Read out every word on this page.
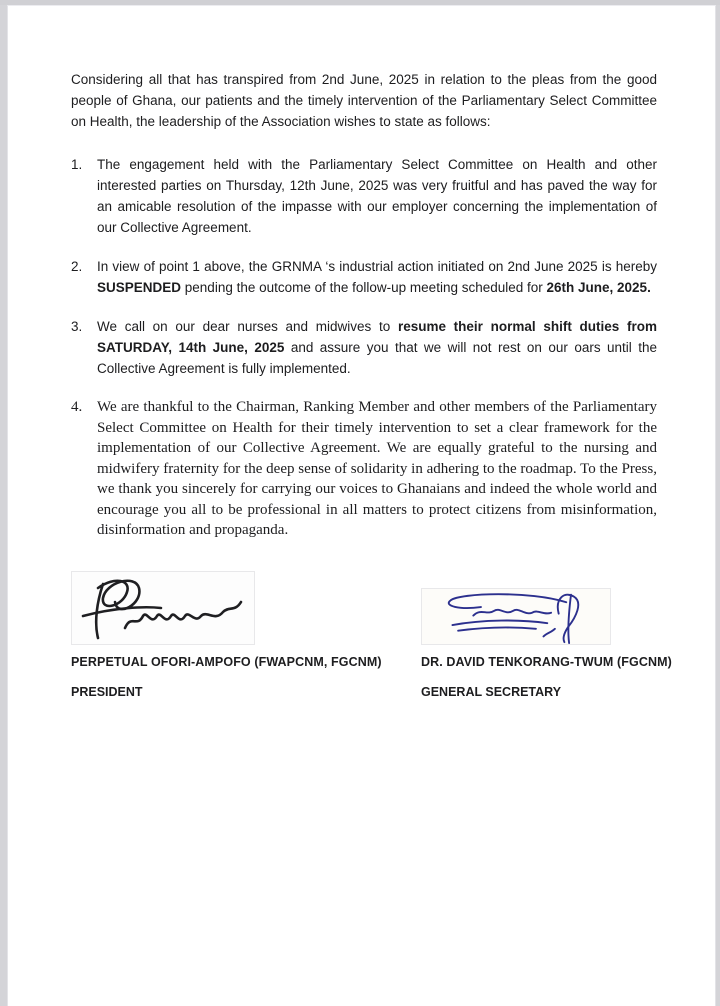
Considering all that has transpired from 2nd June, 2025 in relation to the pleas from the good people of Ghana, our patients and the timely intervention of the Parliamentary Select Committee on Health, the leadership of the Association wishes to state as follows:

1.	The engagement held with the Parliamentary Select Committee on Health and other interested parties on Thursday, 12th June, 2025 was very fruitful and has paved the way for an amicable resolution of the impasse with our employer concerning the implementation of our Collective Agreement.

2.	In view of point 1 above, the GRNMA ‘s industrial action initiated on 2nd June 2025 is hereby SUSPENDED pending the outcome of the follow-up meeting scheduled for 26th June, 2025.

3.	We call on our dear nurses and midwives to resume their normal shift duties from SATURDAY, 14th June, 2025 and assure you that we will not rest on our oars until the Collective Agreement is fully implemented.

4. We are thankful to the Chairman, Ranking Member and other members of the Parliamentary Select Committee on Health for their timely intervention to set a clear framework for the implementation of our Collective Agreement. We are equally grateful to the nursing and midwifery fraternity for the deep sense of solidarity in adhering to the roadmap. To the Press, we thank you sincerely for carrying our voices to Ghanaians and indeed the whole world and encourage you all to be professional in all matters to protect citizens from misinformation, disinformation and propaganda.

PERPETUAL OFORI-AMPOFO (FWAPCNM, FGCNM)
PRESIDENT
DR. DAVID TENKORANG-TWUM (FGCNM)
GENERAL SECRETARY
